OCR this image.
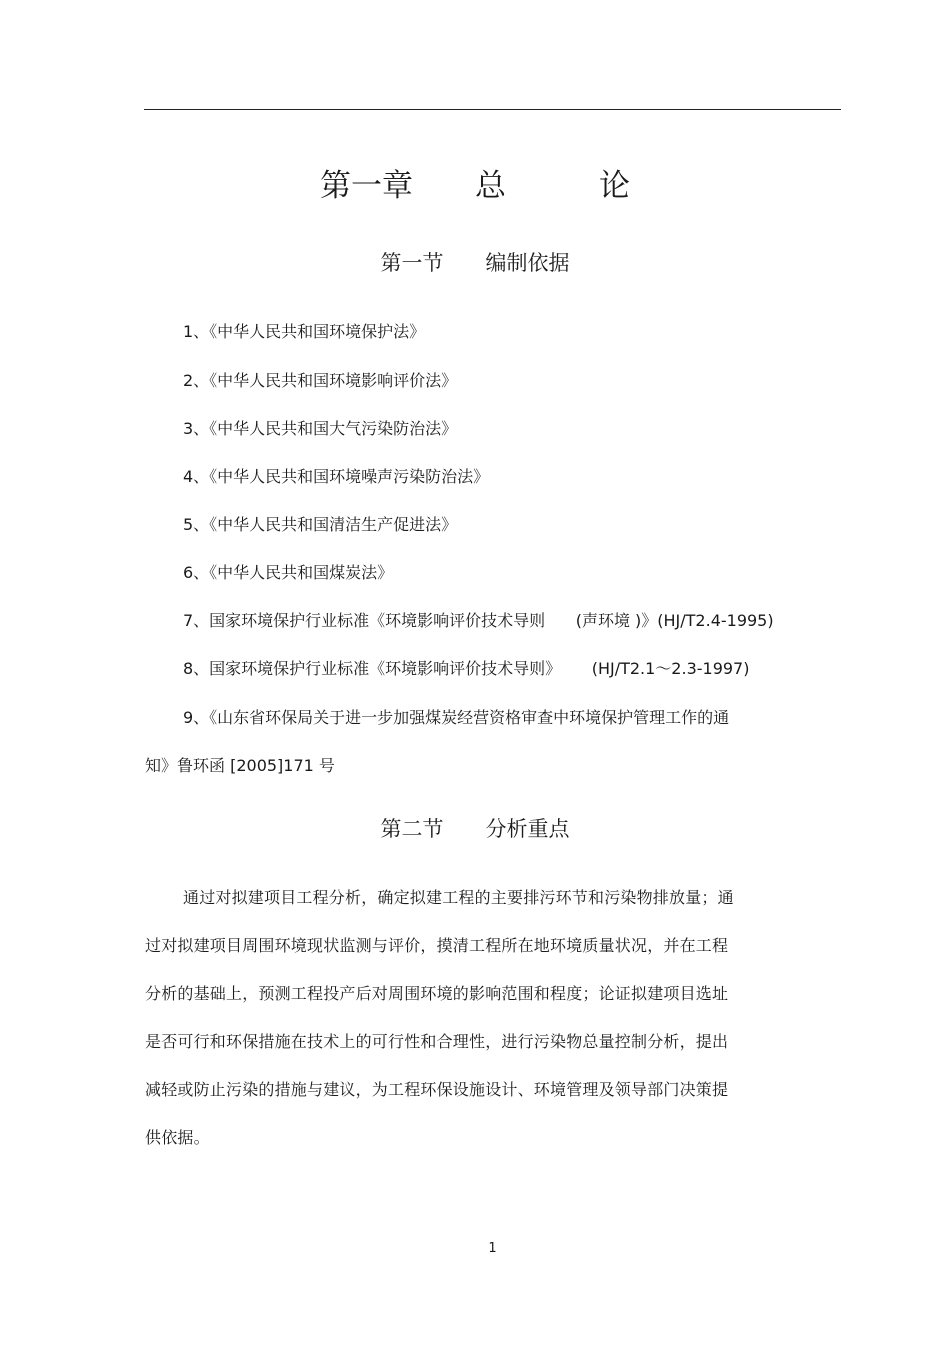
第一章　　总　　　论
第一节　　编制依据
1、《中华人民共和国环境保护法》
2、《中华人民共和国环境影响评价法》
3、《中华人民共和国大气污染防治法》
4、《中华人民共和国环境噪声污染防治法》
5、《中华人民共和国清洁生产促进法》
6、《中华人民共和国煤炭法》
7、国家环境保护行业标准《环境影响评价技术导则      (声环境 )》(HJ/T2.4-1995)
8、国家环境保护行业标准《环境影响评价技术导则》      (HJ/T2.1～2.3-1997)
9、《山东省环保局关于进一步加强煤炭经营资格审查中环境保护管理工作的通
知》鲁环函 [2005]171 号
第二节　　分析重点
通过对拟建项目工程分析，确定拟建工程的主要排污环节和污染物排放量；通
过对拟建项目周围环境现状监测与评价，摸清工程所在地环境质量状况，并在工程
分析的基础上，预测工程投产后对周围环境的影响范围和程度；论证拟建项目选址
是否可行和环保措施在技术上的可行性和合理性，进行污染物总量控制分析，提出
减轻或防止污染的措施与建议，为工程环保设施设计、环境管理及领导部门决策提
供依据。
1
